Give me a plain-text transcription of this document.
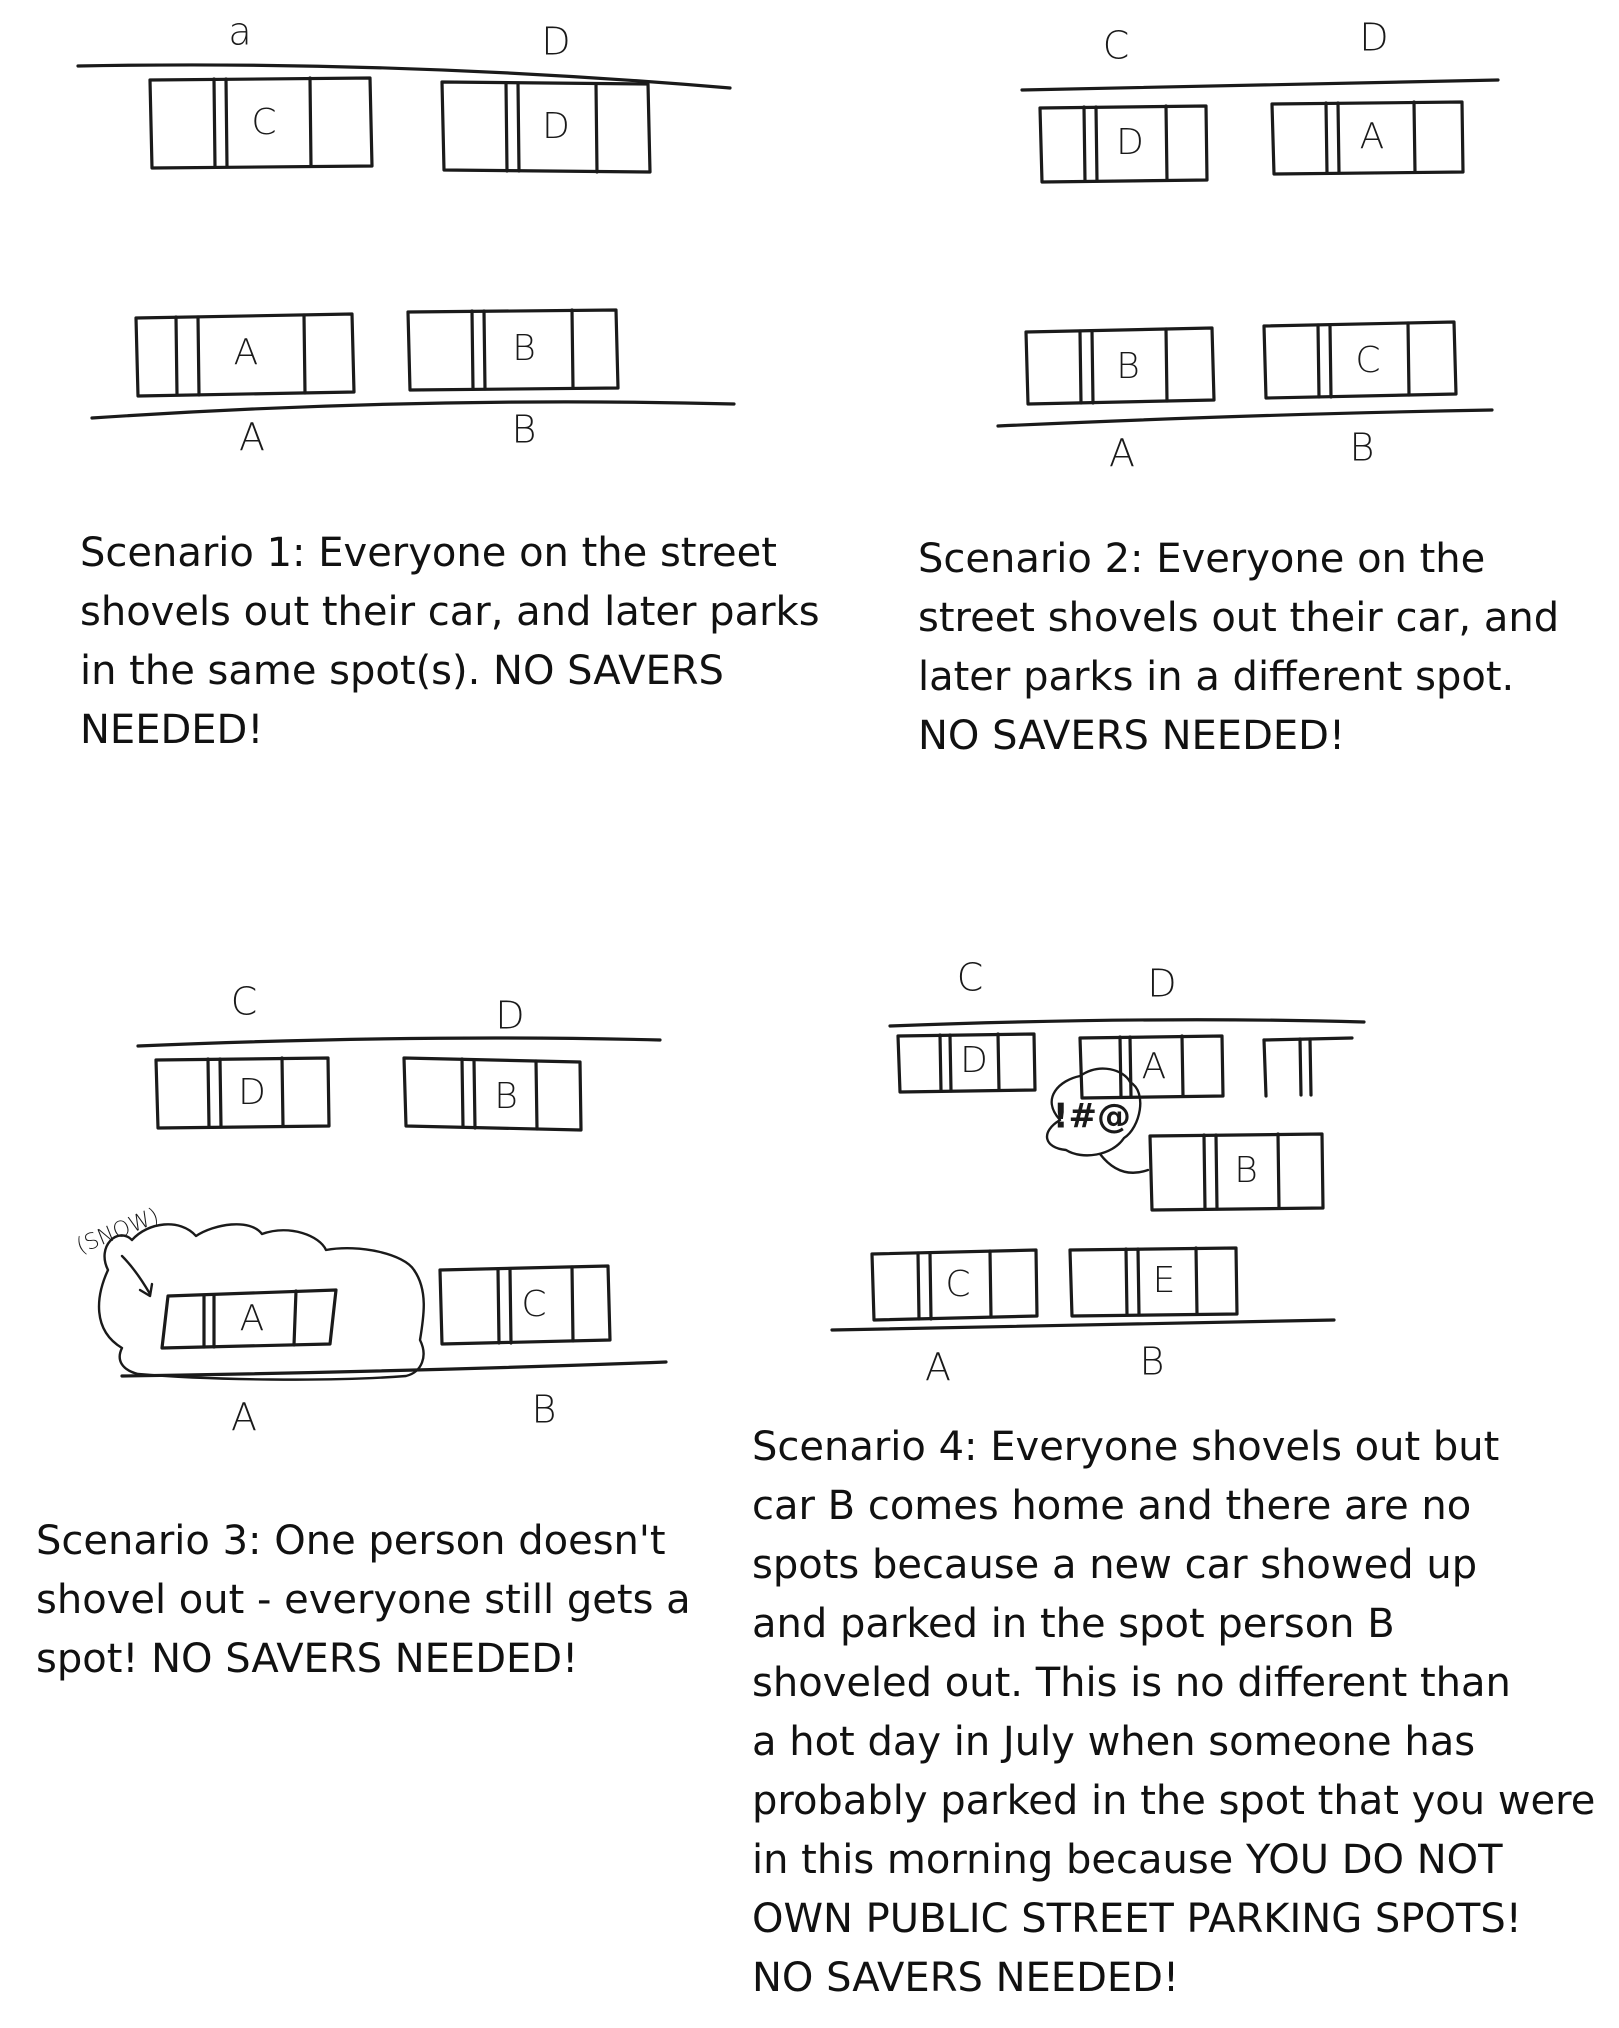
a	D
C	D
A	B
A	B
C	D
D	A
B	C
A	B
C	D
D	B
A	C
(SNOW)
A	B
C	D
D	A
!#@
B
C	E
A	B

Scenario 1: Everyone on the street
shovels out their car, and later parks
in the same spot(s). NO SAVERS
NEEDED!

Scenario 2: Everyone on the
street shovels out their car, and
later parks in a different spot.
NO SAVERS NEEDED!

Scenario 3: One person doesn't
shovel out - everyone still gets a
spot! NO SAVERS NEEDED!

Scenario 4: Everyone shovels out but
car B comes home and there are no
spots because a new car showed up
and parked in the spot person B
shoveled out. This is no different than
a hot day in July when someone has
probably parked in the spot that you were
in this morning because YOU DO NOT
OWN PUBLIC STREET PARKING SPOTS!
NO SAVERS NEEDED!
